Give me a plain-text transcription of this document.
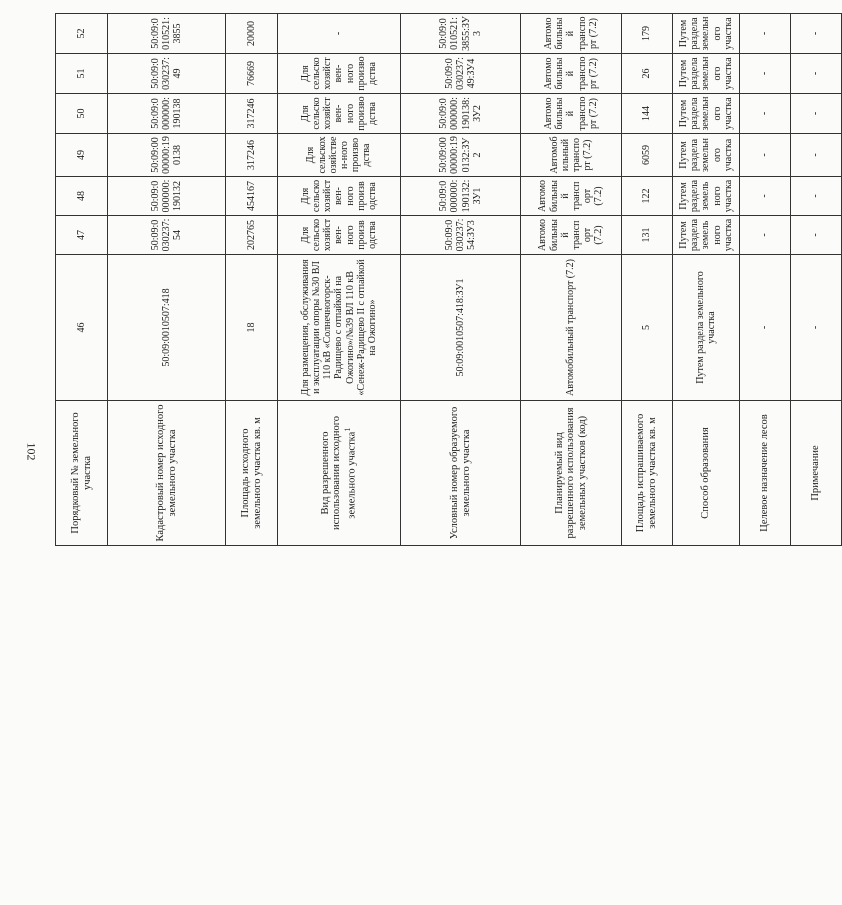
102	Порядковый № земельного участка	46	47	48	49	50	51	52
Кадастровый номер исходного земельного участка	50:09:0010507:418	50:09:0030237:54	50:09:0000000:190132	50:09:0000000:190138	50:09:0000000:190138	50:09:0030237:49	50:09:0010521:3855
Площадь исходного земельного участка кв. м	18	202765	454167	317246	317246	76669	20000
Вид разрешенного использования исходного земельного участка$^1$	Для размещения, обслуживания и эксплуатации опоры №30 ВЛ 110 кВ «Солнечногорск-Радищево с отпайкой на Ожогино»/№39 ВЛ 110 кВ «Сенеж-Радищево II с отпайкой на Ожогино»	Для сельскохозяйствен-ного производства	Для сельскохозяйствен-ного производства	Для сельскохозяйствен-ного производства	Для сельскохозяйствен-ного производства	Для сельскохозяйствен-ного производства	-
Условный номер образуемого земельного участка	50:09:0010507:418:ЗУ1	50:09:0030237:54:ЗУ3	50:09:0000000:190132:ЗУ1	50:09:0000000:190132:ЗУ2	50:09:0000000:190138:ЗУ2	50:09:0030237:49:ЗУ4	50:09:0010521:3855:ЗУ3
Планируемый вид разрешенного использования земельных участков (код)	Автомобильный транспорт (7.2)	Автомобильный транспорт (7.2)	Автомобильный транспорт (7.2)	Автомобильный транспорт (7.2)	Автомобильный транспорт (7.2)	Автомобильный транспорт (7.2)	Автомобильный транспорт (7.2)
Площадь испрашиваемого земельного участка кв. м	5	131	122	6059	144	26	179
Способ образования	Путем раздела земельного участка	Путем раздела земельного участка	Путем раздела земельного участка	Путем раздела земельного участка	Путем раздела земельного участка	Путем раздела земельного участка	Путем раздела земельного участка
Целевое назначение лесов	-	-	-	-	-	-	-
Примечание	-	-	-	-	-	-	-
